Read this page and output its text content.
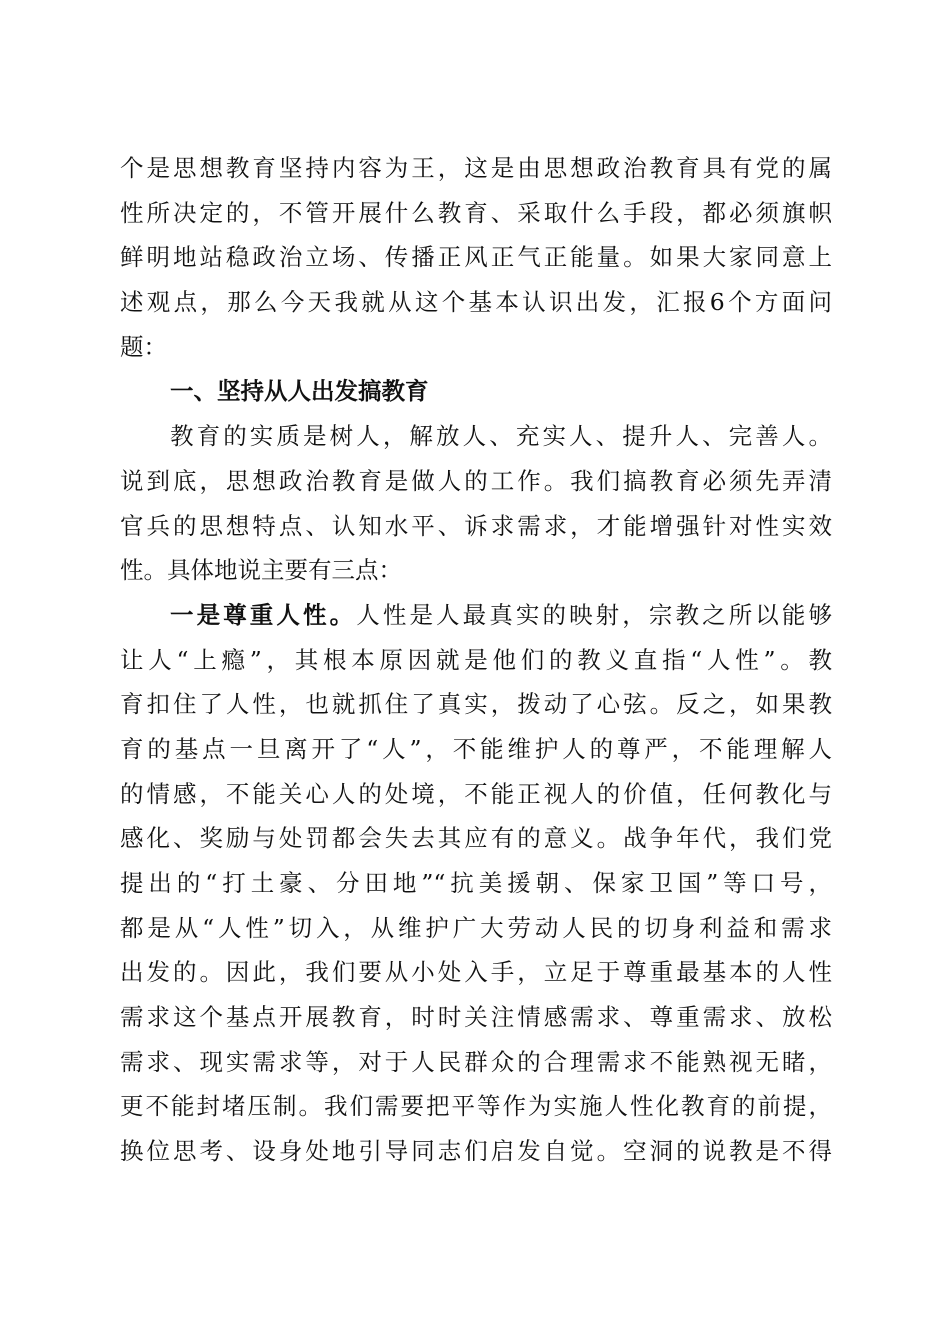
个是思想教育坚持内容为王，这是由思想政治教育具有党的属
性所决定的，不管开展什么教育、采取什么手段，都必须旗帜
鲜明地站稳政治立场、传播正风正气正能量。如果大家同意上
述观点，那么今天我就从这个基本认识出发，汇报6个方面问
题：
一、坚持从人出发搞教育
教育的实质是树人，解放人、充实人、提升人、完善人。
说到底，思想政治教育是做人的工作。我们搞教育必须先弄清
官兵的思想特点、认知水平、诉求需求，才能增强针对性实效
性。具体地说主要有三点：
一是尊重人性。人性是人最真实的映射，宗教之所以能够
让人“上瘾”，其根本原因就是他们的教义直指“人性”。教
育扣住了人性，也就抓住了真实，拨动了心弦。反之，如果教
育的基点一旦离开了“人”，不能维护人的尊严，不能理解人
的情感，不能关心人的处境，不能正视人的价值，任何教化与
感化、奖励与处罚都会失去其应有的意义。战争年代，我们党
提出的“打土豪、分田地”“抗美援朝、保家卫国”等口号，
都是从“人性”切入，从维护广大劳动人民的切身利益和需求
出发的。因此，我们要从小处入手，立足于尊重最基本的人性
需求这个基点开展教育，时时关注情感需求、尊重需求、放松
需求、现实需求等，对于人民群众的合理需求不能熟视无睹，
更不能封堵压制。我们需要把平等作为实施人性化教育的前提，
换位思考、设身处地引导同志们启发自觉。空洞的说教是不得
